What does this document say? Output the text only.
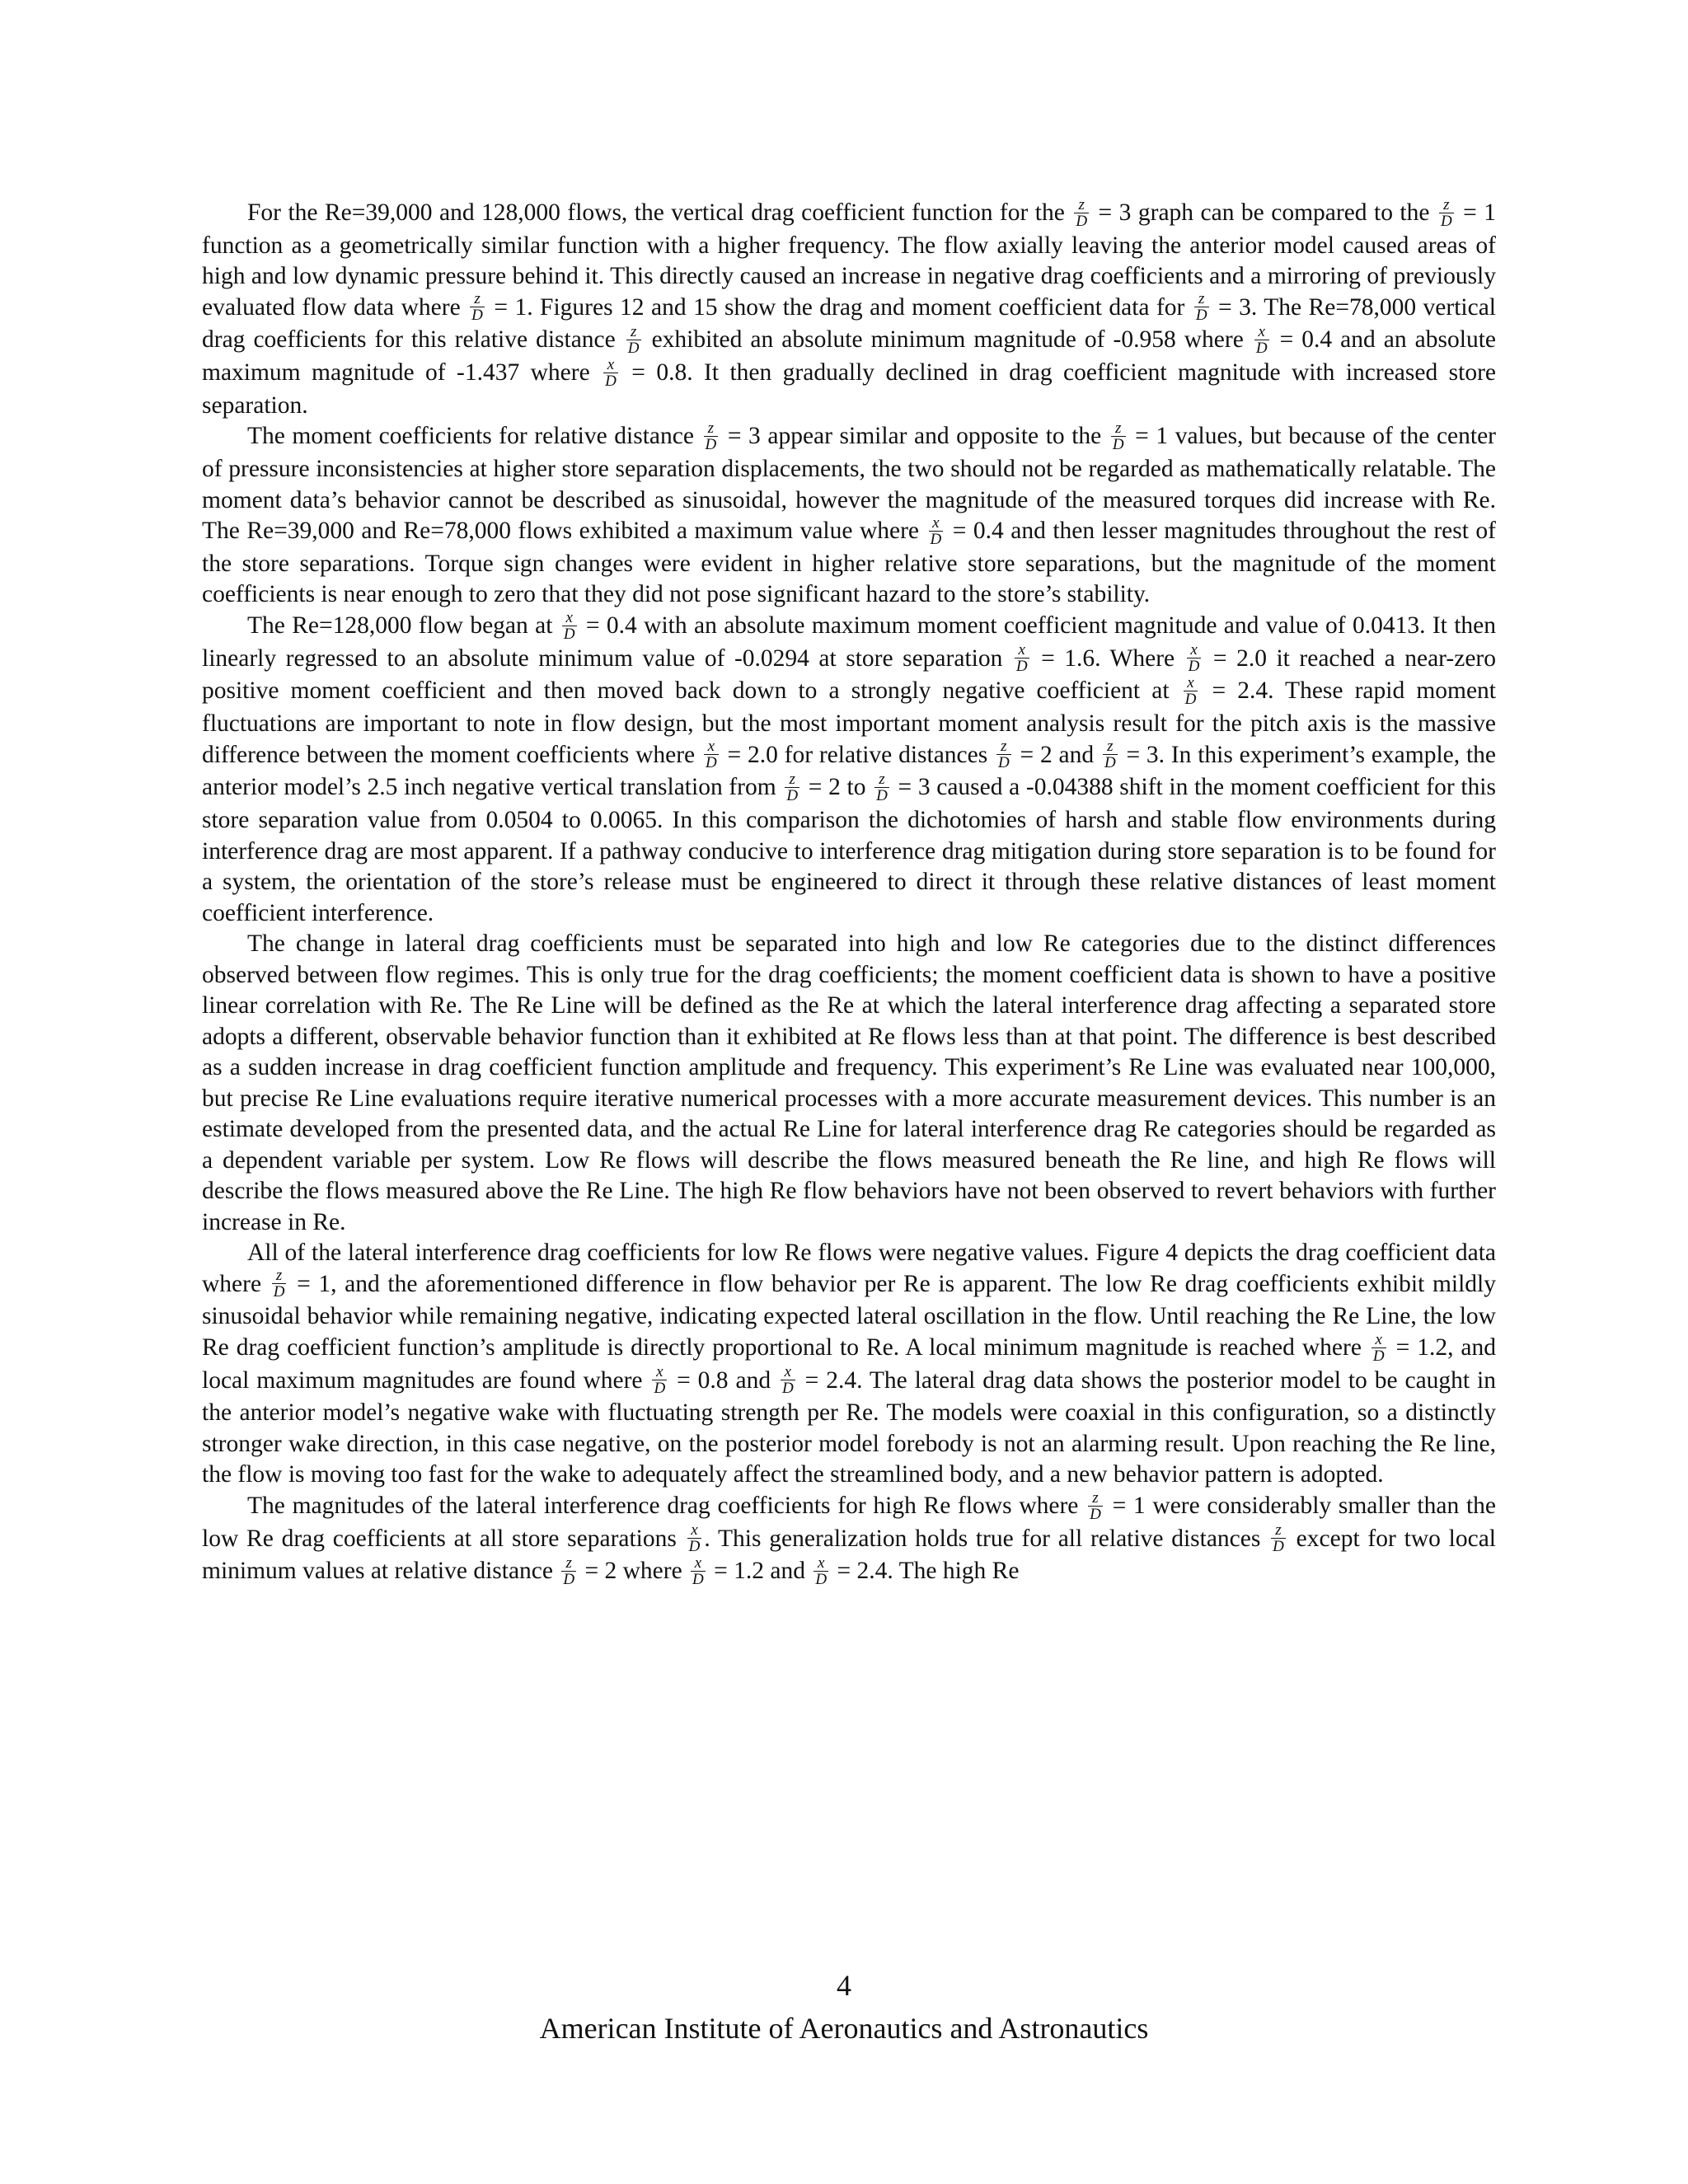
For the Re=39,000 and 128,000 flows, the vertical drag coefficient function for the $\frac{z}{D} = 3$ graph can be compared to the $\frac{z}{D} = 1$ function as a geometrically similar function with a higher frequency. The flow axially leaving the anterior model caused areas of high and low dynamic pressure behind it. This directly caused an increase in negative drag coefficients and a mirroring of previously evaluated flow data where $\frac{z}{D} = 1$. Figures 12 and 15 show the drag and moment coefficient data for $\frac{z}{D} = 3$. The Re=78,000 vertical drag coefficients for this relative distance $\frac{z}{D}$ exhibited an absolute minimum magnitude of -0.958 where $\frac{x}{D} = 0.4$ and an absolute maximum magnitude of -1.437 where $\frac{x}{D} = 0.8$. It then gradually declined in drag coefficient magnitude with increased store separation.

The moment coefficients for relative distance $\frac{z}{D} = 3$ appear similar and opposite to the $\frac{z}{D} = 1$ values, but because of the center of pressure inconsistencies at higher store separation displacements, the two should not be regarded as mathematically relatable. The moment data’s behavior cannot be described as sinusoidal, however the magnitude of the measured torques did increase with Re. The Re=39,000 and Re=78,000 flows exhibited a maximum value where $\frac{x}{D} = 0.4$ and then lesser magnitudes throughout the rest of the store separations. Torque sign changes were evident in higher relative store separations, but the magnitude of the moment coefficients is near enough to zero that they did not pose significant hazard to the store’s stability.

The Re=128,000 flow began at $\frac{x}{D} = 0.4$ with an absolute maximum moment coefficient magnitude and value of 0.0413. It then linearly regressed to an absolute minimum value of -0.0294 at store separation $\frac{x}{D} = 1.6$. Where $\frac{x}{D} = 2.0$ it reached a near-zero positive moment coefficient and then moved back down to a strongly negative coefficient at $\frac{x}{D} = 2.4$. These rapid moment fluctuations are important to note in flow design, but the most important moment analysis result for the pitch axis is the massive difference between the moment coefficients where $\frac{x}{D} = 2.0$ for relative distances $\frac{z}{D} = 2$ and $\frac{z}{D} = 3$. In this experiment’s example, the anterior model’s 2.5 inch negative vertical translation from $\frac{z}{D} = 2$ to $\frac{z}{D} = 3$ caused a -0.04388 shift in the moment coefficient for this store separation value from 0.0504 to 0.0065. In this comparison the dichotomies of harsh and stable flow environments during interference drag are most apparent. If a pathway conducive to interference drag mitigation during store separation is to be found for a system, the orientation of the store’s release must be engineered to direct it through these relative distances of least moment coefficient interference.

The change in lateral drag coefficients must be separated into high and low Re categories due to the distinct differences observed between flow regimes. This is only true for the drag coefficients; the moment coefficient data is shown to have a positive linear correlation with Re. The Re Line will be defined as the Re at which the lateral interference drag affecting a separated store adopts a different, observable behavior function than it exhibited at Re flows less than at that point. The difference is best described as a sudden increase in drag coefficient function amplitude and frequency. This experiment’s Re Line was evaluated near 100,000, but precise Re Line evaluations require iterative numerical processes with a more accurate measurement devices. This number is an estimate developed from the presented data, and the actual Re Line for lateral interference drag Re categories should be regarded as a dependent variable per system. Low Re flows will describe the flows measured beneath the Re line, and high Re flows will describe the flows measured above the Re Line. The high Re flow behaviors have not been observed to revert behaviors with further increase in Re.

All of the lateral interference drag coefficients for low Re flows were negative values. Figure 4 depicts the drag coefficient data where $\frac{z}{D} = 1$, and the aforementioned difference in flow behavior per Re is apparent. The low Re drag coefficients exhibit mildly sinusoidal behavior while remaining negative, indicating expected lateral oscillation in the flow. Until reaching the Re Line, the low Re drag coefficient function’s amplitude is directly proportional to Re. A local minimum magnitude is reached where $\frac{x}{D} = 1.2$, and local maximum magnitudes are found where $\frac{x}{D} = 0.8$ and $\frac{x}{D} = 2.4$. The lateral drag data shows the posterior model to be caught in the anterior model’s negative wake with fluctuating strength per Re. The models were coaxial in this configuration, so a distinctly stronger wake direction, in this case negative, on the posterior model forebody is not an alarming result. Upon reaching the Re line, the flow is moving too fast for the wake to adequately affect the streamlined body, and a new behavior pattern is adopted.

The magnitudes of the lateral interference drag coefficients for high Re flows where $\frac{z}{D} = 1$ were considerably smaller than the low Re drag coefficients at all store separations $\frac{x}{D}$ . This generalization holds true for all relative distances $\frac{z}{D}$ except for two local minimum values at relative distance $\frac{z}{D} = 2$ where $\frac{x}{D} = 1.2$ and $\frac{x}{D} = 2.4$. The high Re

4
American Institute of Aeronautics and Astronautics
